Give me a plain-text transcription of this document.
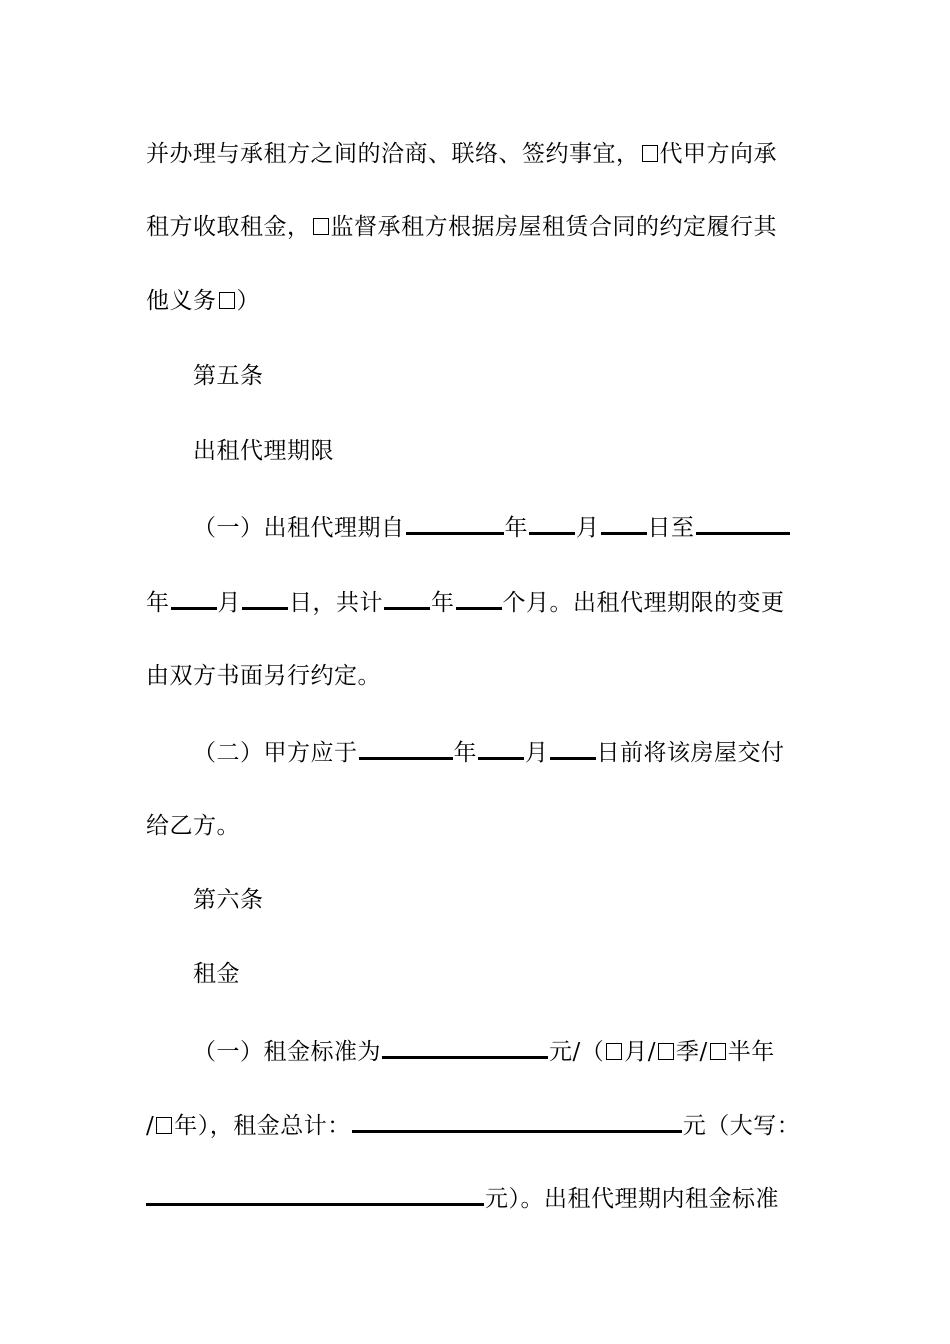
并办理与承租方之间的洽商、联络、签约事宜， 代甲方向承
租方收取租金， 监督承租方根据房屋租赁合同的约定履行其
他义务 ）
第五条
出租代理期限
（一）出租代理期自	年 月 日至
年 月 日，共计 年 个月。出租代理期限的变更
由双方书面另行约定。
（二）甲方应于	年 月 日前将该房屋交付
给乙方。
第六条
租金
（一）租金标准为	元/（ 月/ 季/ 半年
/ 年），租金总计：	元（大写：
元）。出租代理期内租金标准
